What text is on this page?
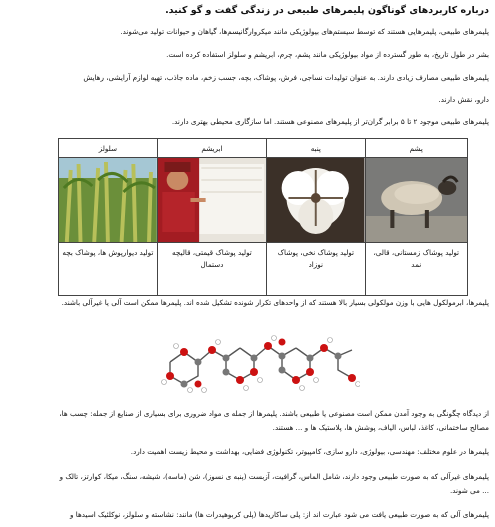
درباره کاربردهای گوناگون پلیمرهای طبیعی در زندگی گفت و گو کنید.
پلیمرهای طبیعی، پلیمرهایی هستند که توسط سیستم‌های بیولوژیکی مانند میکروارگانیسم‌ها، گیاهان و حیوانات تولید می‌شوند.
بشر در طول تاریخ، به طور گسترده از مواد بیولوژیکی مانند پشم، چرم، ابریشم و سلولز استفاده کرده است.
پلیمرهای طبیعی مصارف زیادی دارند. به عنوان تولیدات نساجی، فرش، پوشاک، بچه، جسب زخم، ماده جاذب، تهیه لوازم آرایشی، رهایش
دارو، نقش دارند.
پلیمرهای طبیعی موجود ۲ تا ۵ برابر گران‌تر از پلیمرهای مصنوعی هستند. اما سازگاری محیطی بهتری دارند.
پشم	پنبه	ابریشم	سلولز

تولید پوشاک زمستانی، قالی، نمد	تولید پوشاک نخی، پوشاک نوزاد	تولید پوشاک قیمتی، قالیچه دستمال	تولید دیوارپوش ها، پوشاک بچه
پلیمرها، ابرمولکول هایی با وزن مولکولی بسیار بالا هستند که از واحدهای تکرار شونده تشکیل شده اند. پلیمرها ممکن است آلی یا غیرآلی باشند.
از دیدگاه چگونگی به وجود آمدن ممکن است مصنوعی یا طبیعی باشند. پلیمرها از جمله ی مواد ضروری برای بسیاری از صنایع از جمله: چسب ها،
مصالح ساختمانی، کاغذ، لباس، الیاف، پوشش ها، پلاستیک ها و ... هستند.
پلیمرها در علوم مختلف: مهندسی، بیولوژی، دارو سازی، کامپیوتر، تکنولوژی فضایی، بهداشت و محیط زیست اهمیت دارد.
پلیمرهای غیرآلی که به صورت طبیعی وجود دارند، شامل الماس، گرافیت، آزبست (پنبه ی نسوز)، شن (ماسه)، شیشه، سنگ، میکا، کوارتز، تالک و
... می شوند.
پلیمرهای آلی که به صورت طبیعی یافت می شود عبارت اند از: پلی ساکاریدها (پلی کربوهیدرات ها) مانند: نشاسته و سلولز، نوکلئیک اسیدها و
